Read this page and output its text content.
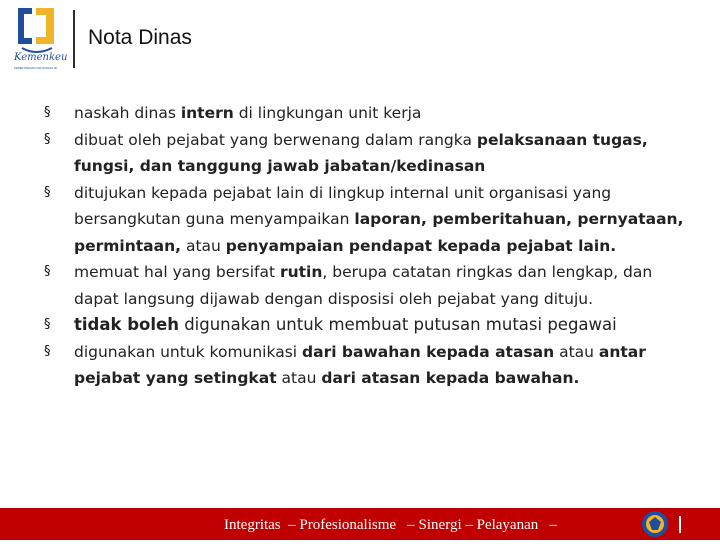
Kemenkeu
KEMENTERIAN KEUANGAN RI
Nota Dinas
§ naskah dinas intern di lingkungan unit kerja
§ dibuat oleh pejabat yang berwenang dalam rangka pelaksanaan tugas, fungsi, dan tanggung jawab jabatan/kedinasan
§ ditujukan kepada pejabat lain di lingkup internal unit organisasi yang bersangkutan guna menyampaikan laporan, pemberitahuan, pernyataan, permintaan, atau penyampaian pendapat kepada pejabat lain.
§ memuat hal yang bersifat rutin, berupa catatan ringkas dan lengkap, dan dapat langsung dijawab dengan disposisi oleh pejabat yang dituju.
§ tidak boleh digunakan untuk membuat putusan mutasi pegawai
§ digunakan untuk komunikasi dari bawahan kepada atasan atau antar pejabat yang setingkat atau dari atasan kepada bawahan.
Integritas  – Profesionalisme   – Sinergi – Pelayanan   –
